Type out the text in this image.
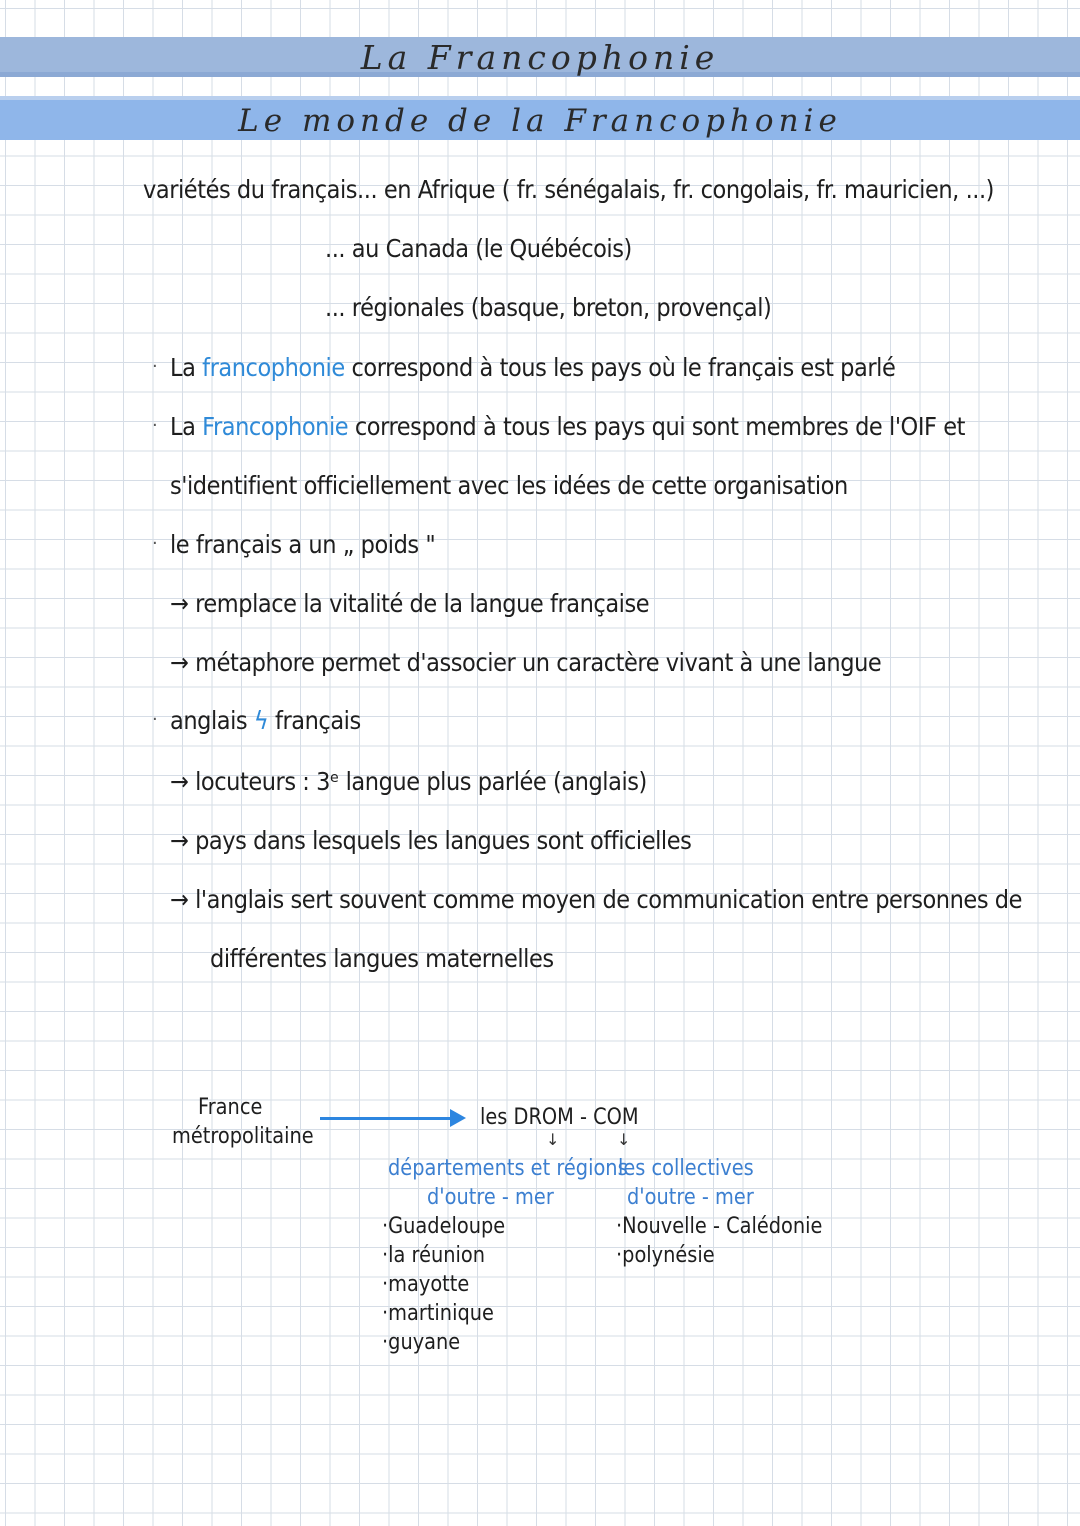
La Francophonie
Le monde de la Francophonie
variétés du français... en Afrique ( fr. sénégalais, fr. congolais, fr. mauricien, ...)
... au Canada (le Québécois)
... régionales (basque, breton, provençal)
· La francophonie correspond à tous les pays où le français est parlé
· La Francophonie correspond à tous les pays qui sont membres de l'OIF et
s'identifient officiellement avec les idées de cette organisation
· le français a un „ poids "
→ remplace la vitalité de la langue française
→ métaphore permet d'associer un caractère vivant à une langue
· anglais ϟ français
→ locuteurs : 3ᵉ langue plus parlée (anglais)
→ pays dans lesquels les langues sont officielles
→ l'anglais sert souvent comme moyen de communication entre personnes de
différentes langues maternelles
France
métropolitaine
les DROM - COM
↓	↓
départements et régions
d'outre - mer
les collectives
d'outre - mer
·Guadeloupe
·la réunion
·mayotte
·martinique
·guyane
·Nouvelle - Calédonie
·polynésie
